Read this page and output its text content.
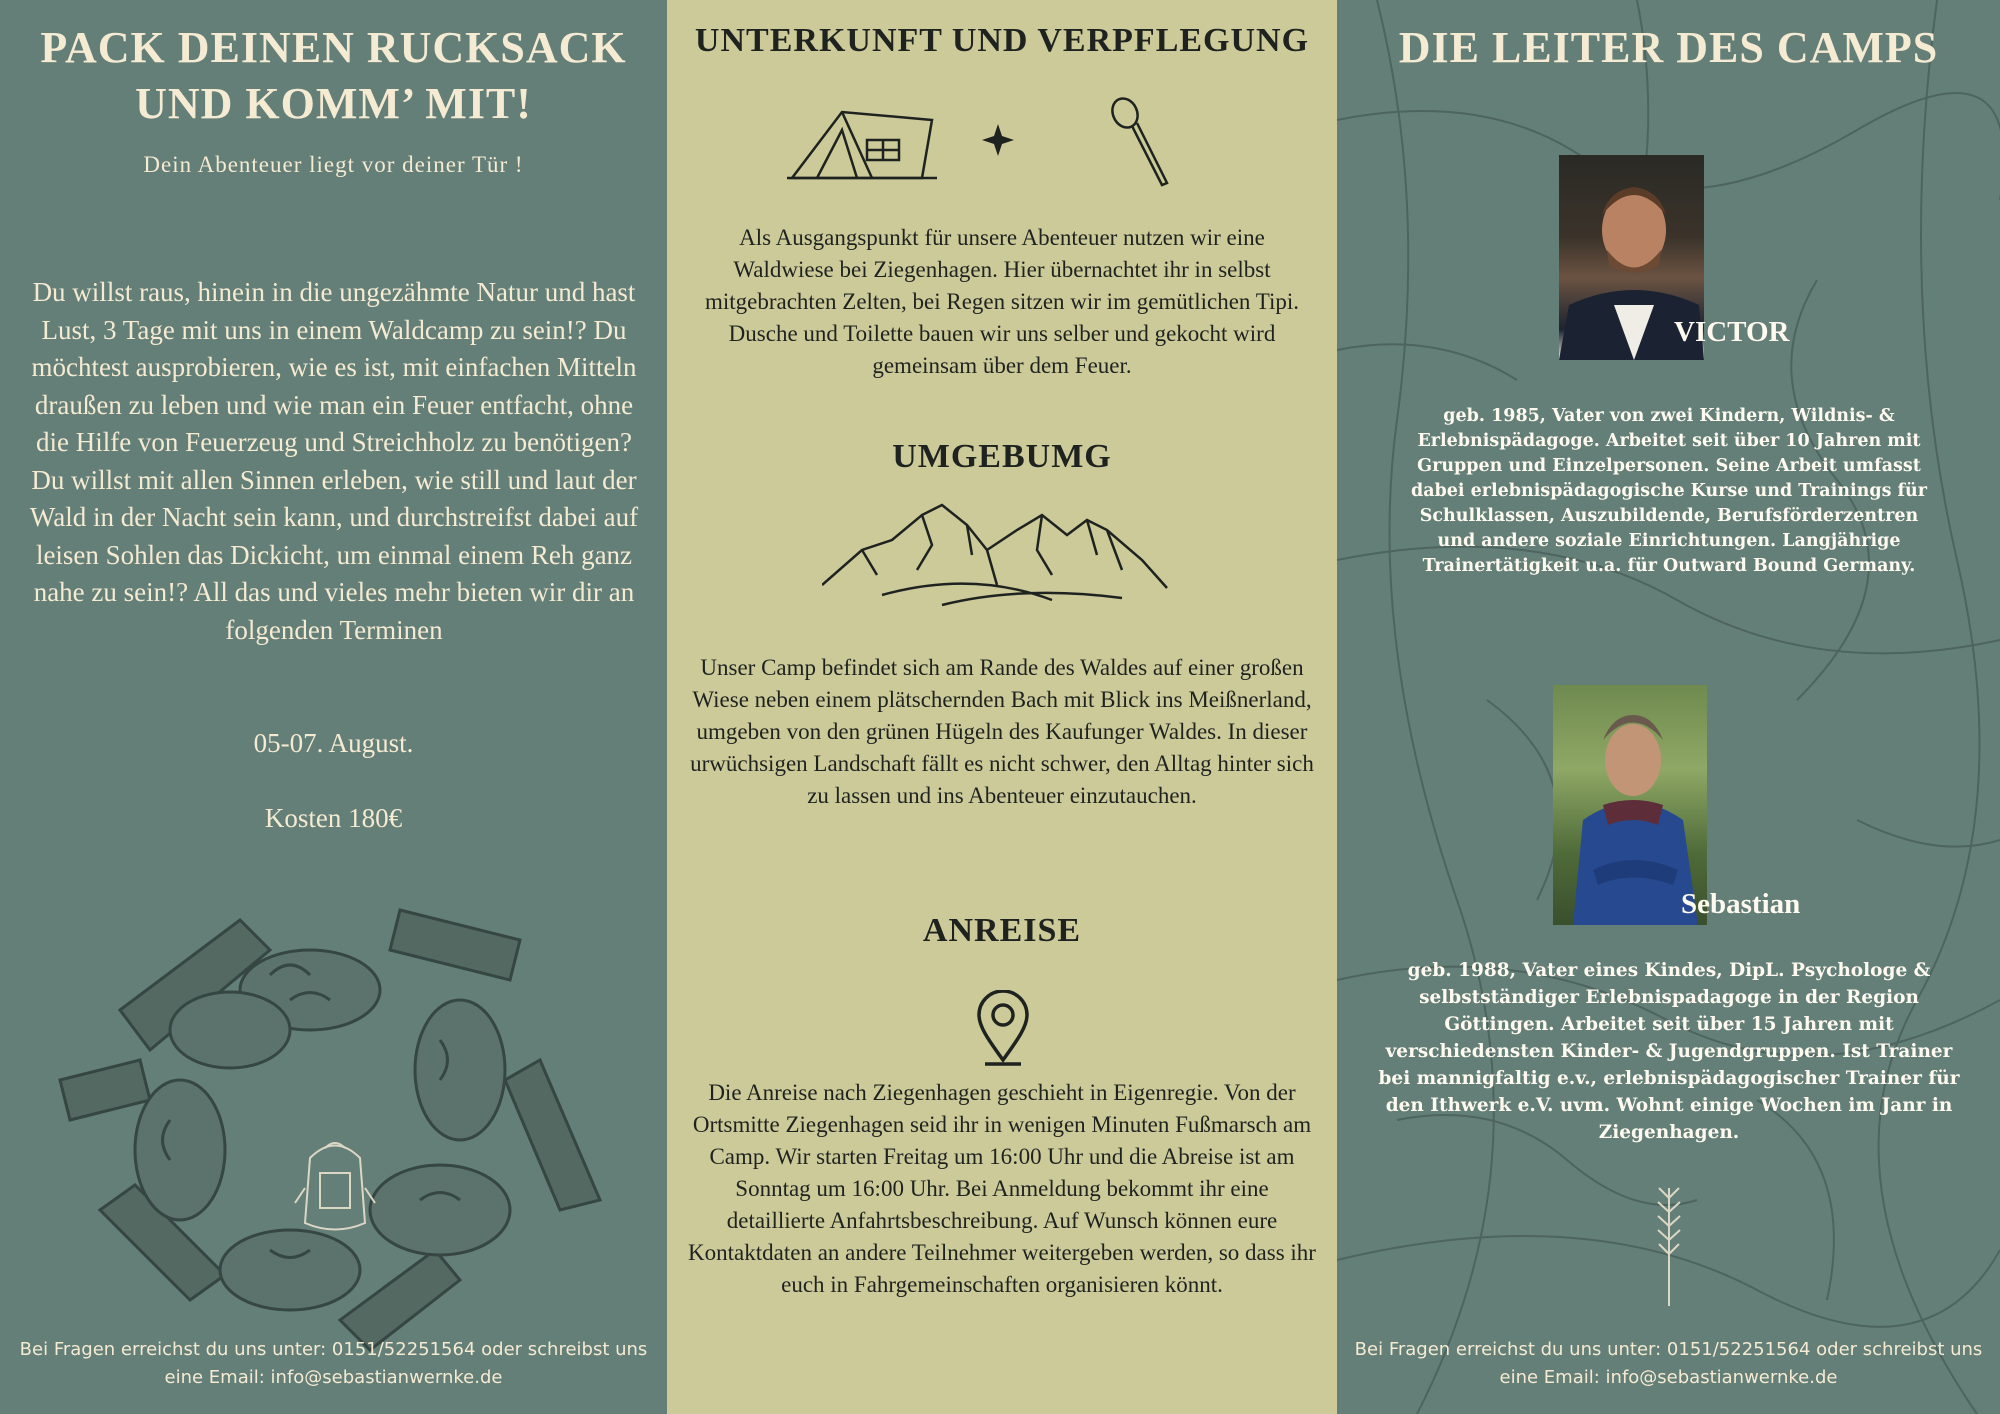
PACK DEINEN RUCKSACK UND KOMM’ MIT!
Dein Abenteuer liegt vor deiner Tür !

Du willst raus, hinein in die ungezähmte Natur und hast Lust, 3 Tage mit uns in einem Waldcamp zu sein!? Du möchtest ausprobieren, wie es ist, mit einfachen Mitteln draußen zu leben und wie man ein Feuer entfacht, ohne die Hilfe von Feuerzeug und Streichholz zu benötigen? Du willst mit allen Sinnen erleben, wie still und laut der Wald in der Nacht sein kann, und durchstreifst dabei auf leisen Sohlen das Dickicht, um einmal einem Reh ganz nahe zu sein!? All das und vieles mehr bieten wir dir an folgenden Terminen

05-07. August.
Kosten 180€
Bei Fragen erreichst du uns unter: 0151/52251564 oder schreibst uns
eine Email: info@sebastianwernke.de
UNTERKUNFT UND VERPFLEGUNG

Als Ausgangspunkt für unsere Abenteuer nutzen wir eine Waldwiese bei Ziegenhagen. Hier übernachtet ihr in selbst mitgebrachten Zelten, bei Regen sitzen wir im gemütlichen Tipi. Dusche und Toilette bauen wir uns selber und gekocht wird gemeinsam über dem Feuer.

UMGEBUMG

Unser Camp befindet sich am Rande des Waldes auf einer großen Wiese neben einem plätschernden Bach mit Blick ins Meißnerland, umgeben von den grünen Hügeln des Kaufunger Waldes. In dieser urwüchsigen Landschaft fällt es nicht schwer, den Alltag hinter sich zu lassen und ins Abenteuer einzutauchen.

ANREISE

Die Anreise nach Ziegenhagen geschieht in Eigenregie. Von der Ortsmitte Ziegenhagen seid ihr in wenigen Minuten Fußmarsch am Camp. Wir starten Freitag um 16:00 Uhr und die Abreise ist am Sonntag um 16:00 Uhr. Bei Anmeldung bekommt ihr eine detaillierte Anfahrtsbeschreibung. Auf Wunsch können eure Kontaktdaten an andere Teilnehmer weitergeben werden, so dass ihr euch in Fahrgemeinschaften organisieren könnt.

DIE LEITER DES CAMPS
VICTOR
geb. 1985, Vater von zwei Kindern, Wildnis- & Erlebnispädagoge. Arbeitet seit über 10 Jahren mit Gruppen und Einzelpersonen. Seine Arbeit umfasst dabei erlebnispädagogische Kurse und Trainings für Schulklassen, Auszubildende, Berufsförderzentren und andere soziale Einrichtungen. Langjährige Trainertätigkeit u.a. für Outward Bound Germany.
Sebastian
geb. 1988, Vater eines Kindes, DipL. Psychologe & selbstständiger Erlebnispadagoge in der Region Göttingen. Arbeitet seit über 15 Jahren mit verschiedensten Kinder- & Jugendgruppen. Ist Trainer bei mannigfaltig e.v., erlebnispädagogischer Trainer für den Ithwerk e.V. uvm. Wohnt einige Wochen im Janr in Ziegenhagen.
Bei Fragen erreichst du uns unter: 0151/52251564 oder schreibst uns
eine Email: info@sebastianwernke.de
